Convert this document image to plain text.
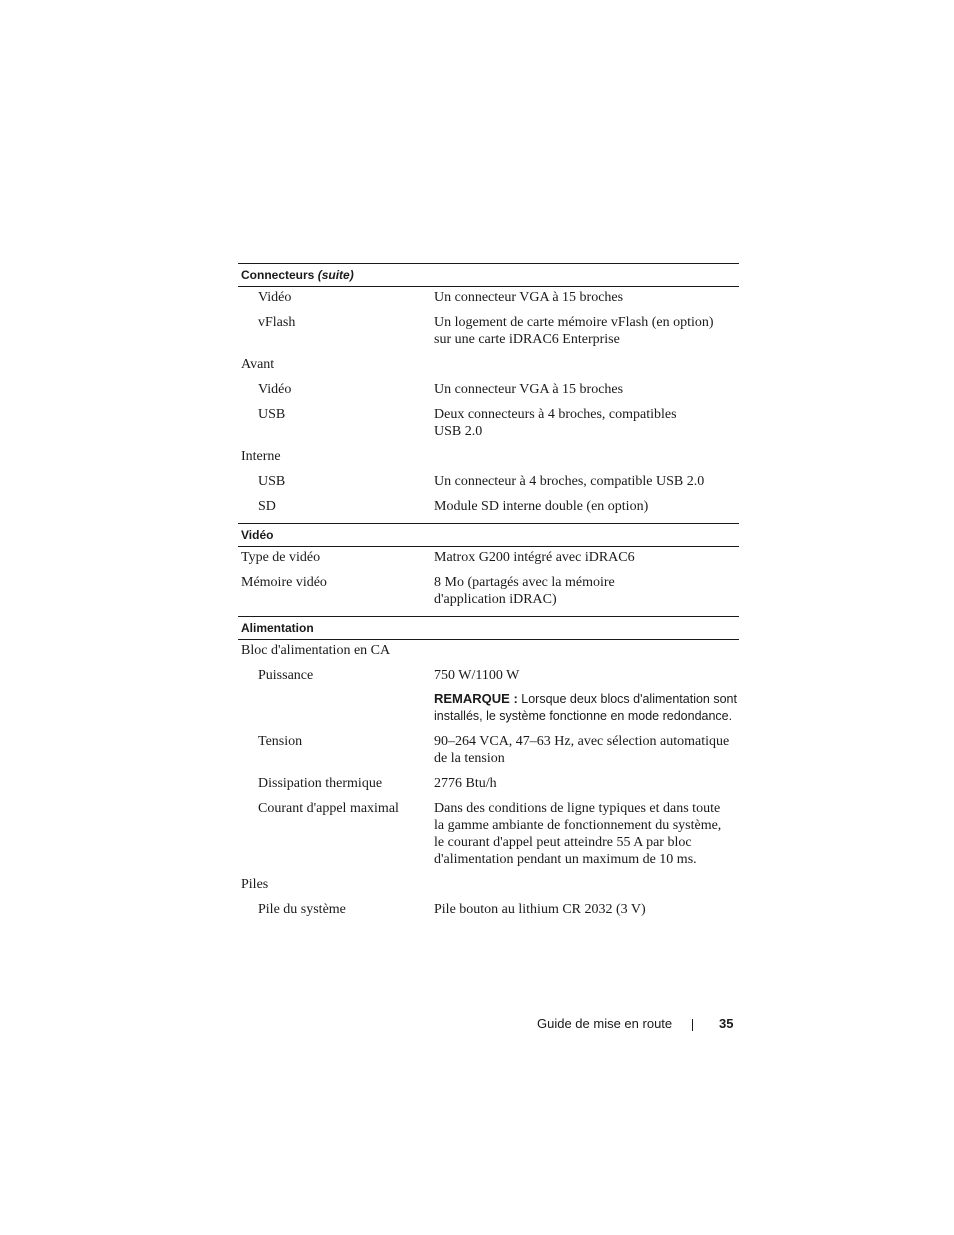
Connecteurs (suite)
Vidéo	Un connecteur VGA à 15 broches
vFlash	Un logement de carte mémoire vFlash (en option)
sur une carte iDRAC6 Enterprise
Avant
Vidéo	Un connecteur VGA à 15 broches
USB	Deux connecteurs à 4 broches, compatibles
USB 2.0
Interne
USB	Un connecteur à 4 broches, compatible USB 2.0
SD	Module SD interne double (en option)
Vidéo
Type de vidéo	Matrox G200 intégré avec iDRAC6
Mémoire vidéo	8 Mo (partagés avec la mémoire
d'application iDRAC)
Alimentation
Bloc d'alimentation en CA
Puissance	750 W/1100 W
REMARQUE : Lorsque deux blocs d'alimentation sont installés, le système fonctionne en mode redondance.
Tension	90–264 VCA, 47–63 Hz, avec sélection automatique
de la tension
Dissipation thermique	2776 Btu/h
Courant d'appel maximal	Dans des conditions de ligne typiques et dans toute
la gamme ambiante de fonctionnement du système,
le courant d'appel peut atteindre 55 A par bloc
d'alimentation pendant un maximum de 10 ms.
Piles
Pile du système	Pile bouton au lithium CR 2032 (3 V)
Guide de mise en route	35
